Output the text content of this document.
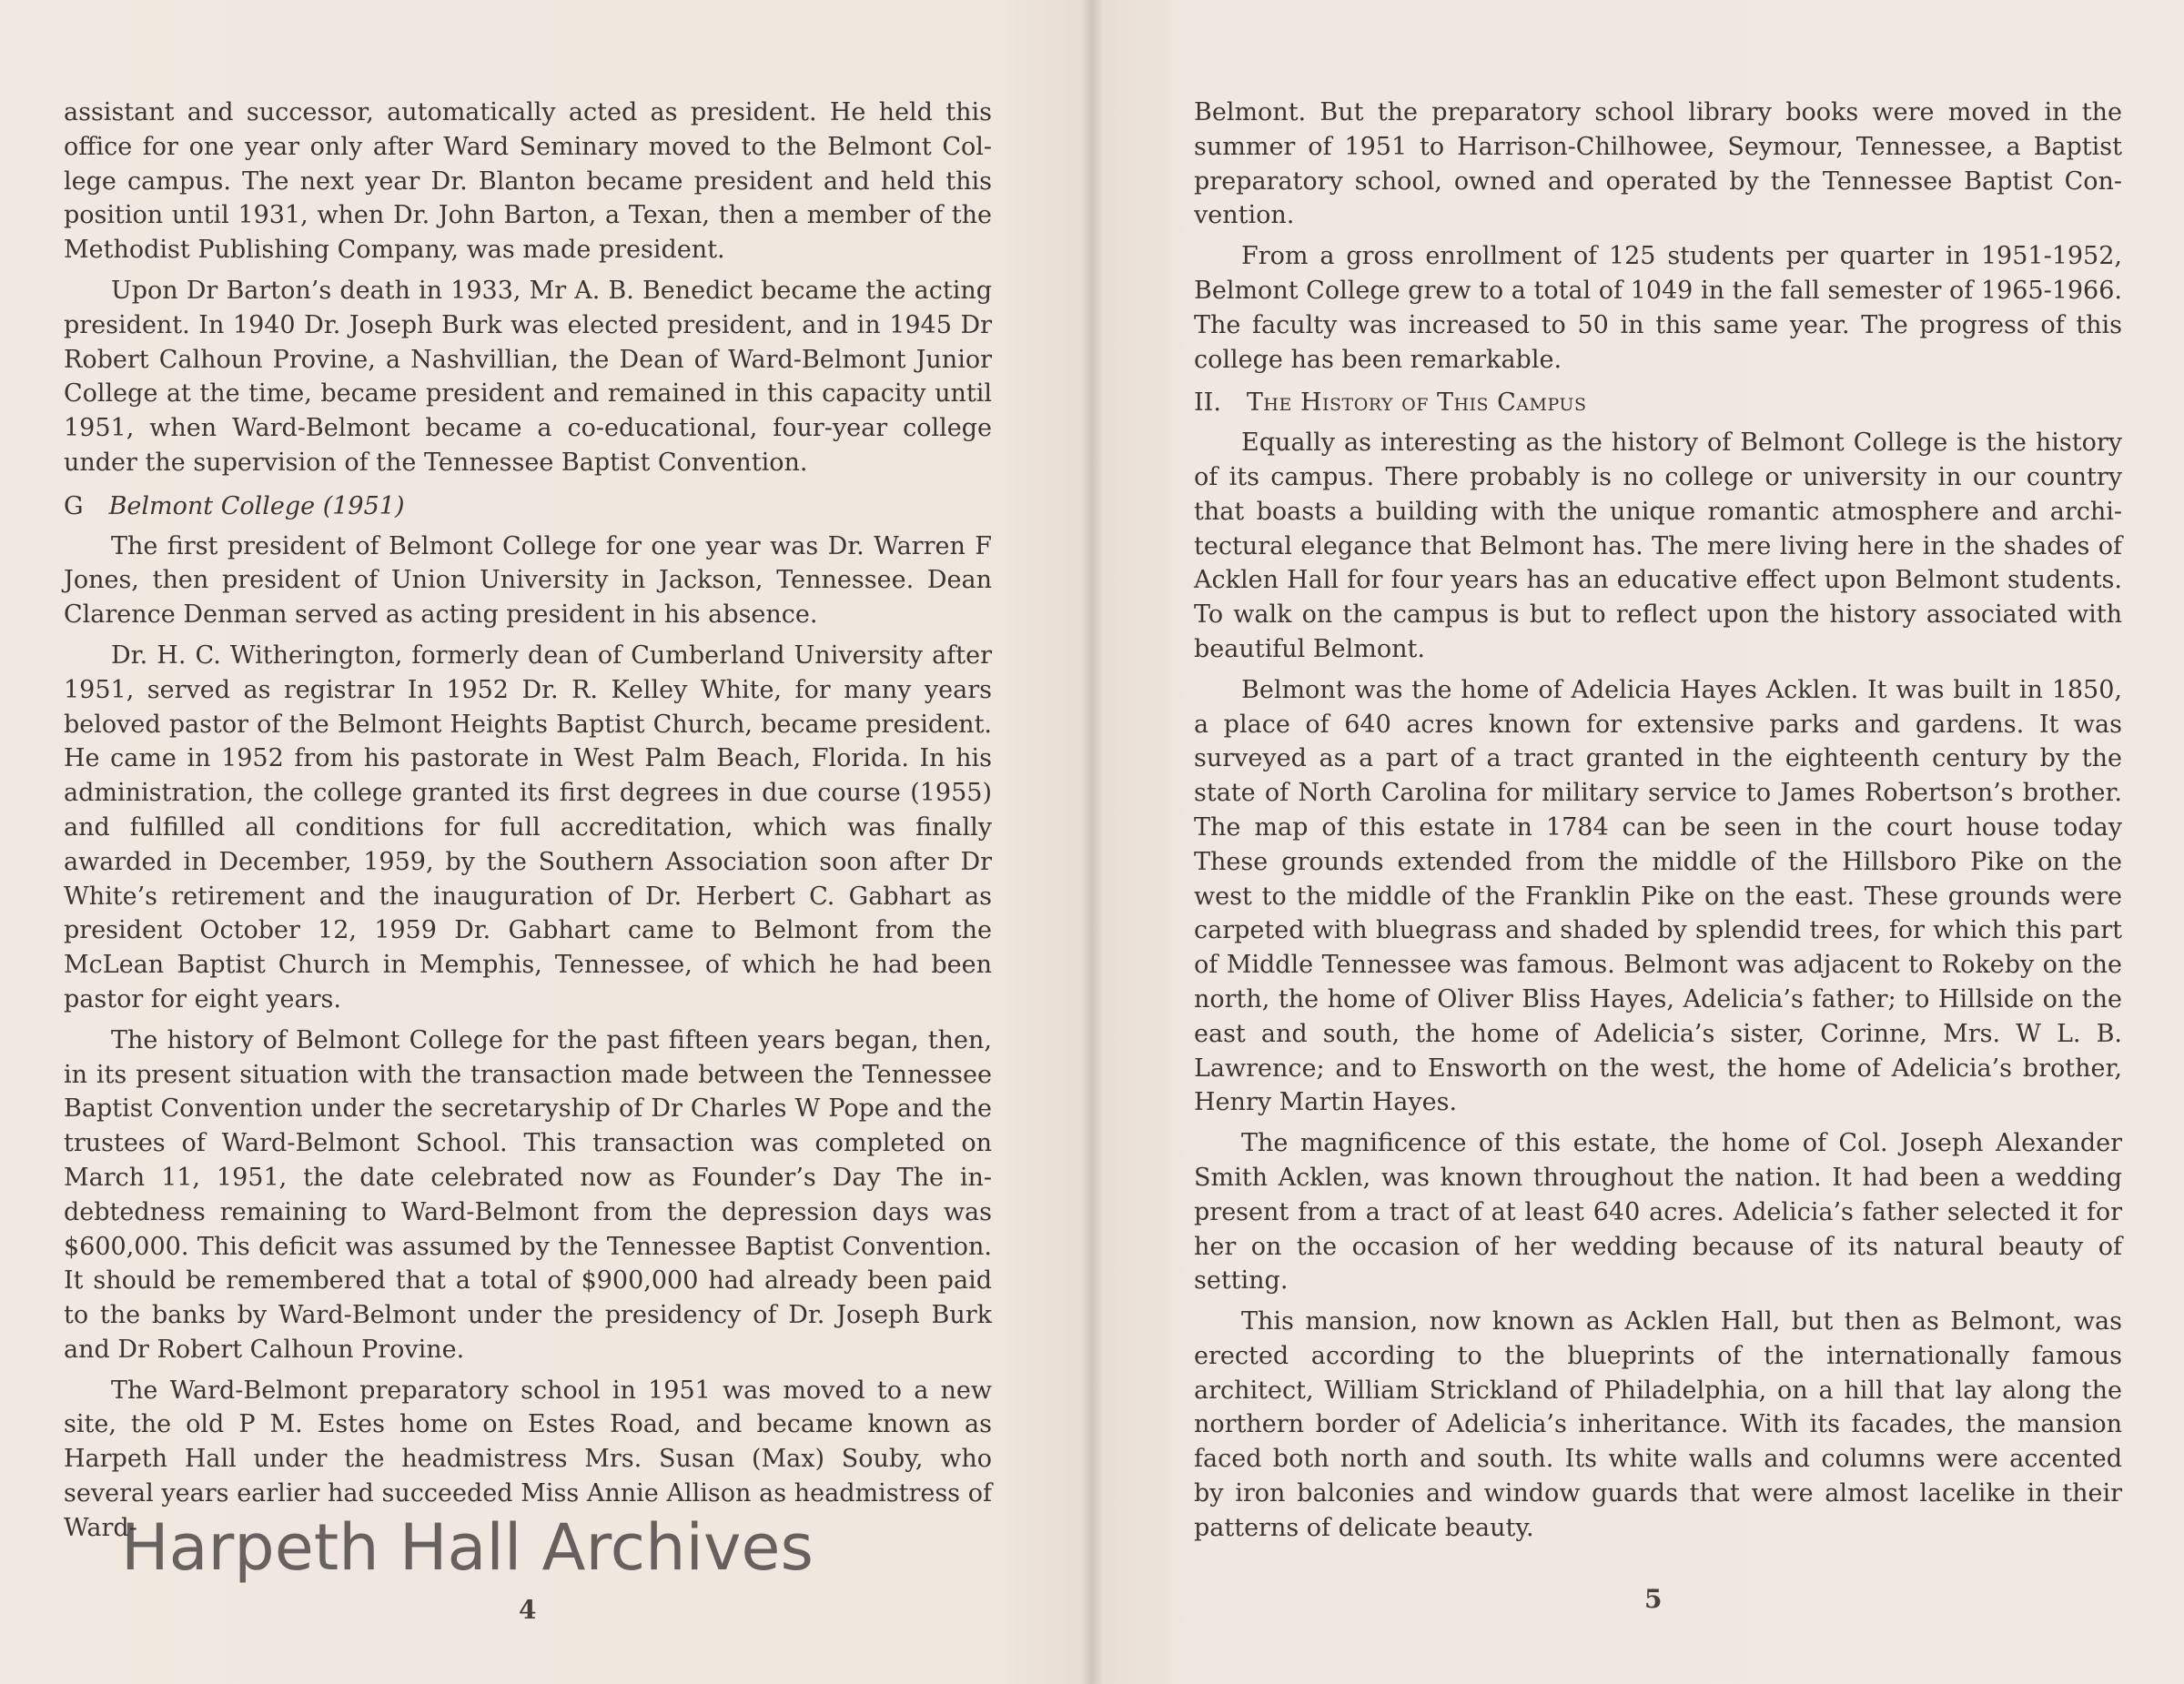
assistant and successor, automatically acted as president. He held this office for one year only after Ward Seminary moved to the Belmont College campus. The next year Dr. Blanton became president and held this position until 1931, when Dr. John Barton, a Texan, then a member of the Methodist Publishing Company, was made president.

Upon Dr Barton’s death in 1933, Mr A. B. Benedict became the acting president. In 1940 Dr. Joseph Burk was elected president, and in 1945 Dr Robert Calhoun Provine, a Nashvillian, the Dean of Ward-Belmont Junior College at the time, became president and remained in this capacity until 1951, when Ward-Belmont became a co-educational, four-year college under the supervision of the Tennessee Baptist Convention.

G Belmont College (1951)

The first president of Belmont College for one year was Dr. Warren F Jones, then president of Union University in Jackson, Tennessee. Dean Clarence Denman served as acting president in his absence.

Dr. H. C. Witherington, formerly dean of Cumberland University after 1951, served as registrar In 1952 Dr. R. Kelley White, for many years beloved pastor of the Belmont Heights Baptist Church, became president. He came in 1952 from his pastorate in West Palm Beach, Florida. In his administration, the college granted its first degrees in due course (1955) and fulfilled all conditions for full accreditation, which was finally awarded in December, 1959, by the Southern Association soon after Dr White’s retirement and the inauguration of Dr. Herbert C. Gabhart as president October 12, 1959 Dr. Gabhart came to Belmont from the McLean Baptist Church in Memphis, Tennessee, of which he had been pastor for eight years.

The history of Belmont College for the past fifteen years began, then, in its present situation with the transaction made between the Tennessee Baptist Convention under the secretaryship of Dr Charles W Pope and the trustees of Ward-Belmont School. This transaction was completed on March 11, 1951, the date celebrated now as Founder’s Day The indebtedness remaining to Ward-Belmont from the depression days was $600,000. This deficit was assumed by the Tennessee Baptist Convention. It should be remembered that a total of $900,000 had already been paid to the banks by Ward-Belmont under the presidency of Dr. Joseph Burk and Dr Robert Calhoun Provine.

The Ward-Belmont preparatory school in 1951 was moved to a new site, the old P M. Estes home on Estes Road, and became known as Harpeth Hall under the headmistress Mrs. Susan (Max) Souby, who several years earlier had succeeded Miss Annie Allison as headmistress of Ward-

Belmont. But the preparatory school library books were moved in the summer of 1951 to Harrison-Chilhowee, Seymour, Tennessee, a Baptist preparatory school, owned and operated by the Tennessee Baptist Convention.

From a gross enrollment of 125 students per quarter in 1951-1952, Belmont College grew to a total of 1049 in the fall semester of 1965-1966. The faculty was increased to 50 in this same year. The progress of this college has been remarkable.

II. The History of This Campus

Equally as interesting as the history of Belmont College is the history of its campus. There probably is no college or university in our country that boasts a building with the unique romantic atmosphere and architectural elegance that Belmont has. The mere living here in the shades of Acklen Hall for four years has an educative effect upon Belmont students. To walk on the campus is but to reflect upon the history associated with beautiful Belmont.

Belmont was the home of Adelicia Hayes Acklen. It was built in 1850, a place of 640 acres known for extensive parks and gardens. It was surveyed as a part of a tract granted in the eighteenth century by the state of North Carolina for military service to James Robertson’s brother. The map of this estate in 1784 can be seen in the court house today These grounds extended from the middle of the Hillsboro Pike on the west to the middle of the Franklin Pike on the east. These grounds were carpeted with bluegrass and shaded by splendid trees, for which this part of Middle Tennessee was famous. Belmont was adjacent to Rokeby on the north, the home of Oliver Bliss Hayes, Adelicia’s father; to Hillside on the east and south, the home of Adelicia’s sister, Corinne, Mrs. W L. B. Lawrence; and to Ensworth on the west, the home of Adelicia’s brother, Henry Martin Hayes.

The magnificence of this estate, the home of Col. Joseph Alexander Smith Acklen, was known throughout the nation. It had been a wedding present from a tract of at least 640 acres. Adelicia’s father selected it for her on the occasion of her wedding because of its natural beauty of setting.

This mansion, now known as Acklen Hall, but then as Belmont, was erected according to the blueprints of the internationally famous architect, William Strickland of Philadelphia, on a hill that lay along the northern border of Adelicia’s inheritance. With its facades, the mansion faced both north and south. Its white walls and columns were accented by iron balconies and window guards that were almost lacelike in their patterns of delicate beauty.

4	5
Harpeth Hall Archives
